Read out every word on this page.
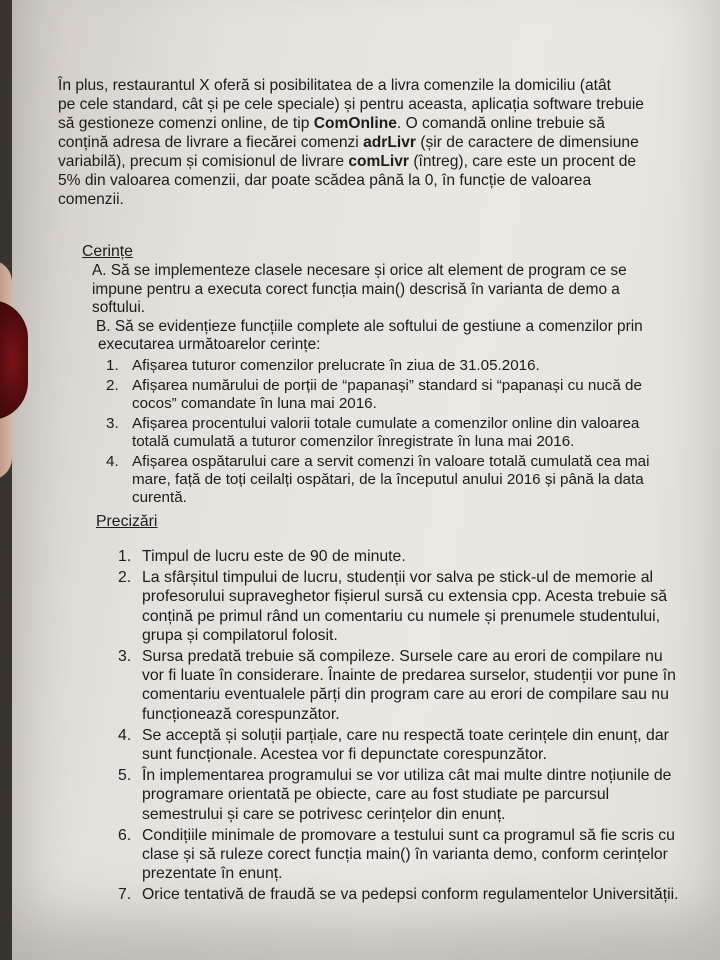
În plus, restaurantul X oferă si posibilitatea de a livra comenzile la domiciliu (atât
pe cele standard, cât și pe cele speciale) și pentru aceasta, aplicația software trebuie
să gestioneze comenzi online, de tip ComOnline. O comandă online trebuie să
conțină adresa de livrare a fiecărei comenzi adrLivr (șir de caractere de dimensiune
variabilă), precum și comisionul de livrare comLivr (întreg), care este un procent de
5% din valoarea comenzii, dar poate scădea până la 0, în funcție de valoarea
comenzii.
Cerințe
A. Să se implementeze clasele necesare și orice alt element de program ce se
impune pentru a executa corect funcția main() descrisă în varianta de demo a
softului.
B. Să se evidențieze funcțiile complete ale softului de gestiune a comenzilor prin
executarea următoarelor cerințe:
1. Afișarea tuturor comenzilor prelucrate în ziua de 31.05.2016.
2. Afișarea numărului de porții de “papanași” standard si “papanași cu nucă de
cocos” comandate în luna mai 2016.
3. Afișarea procentului valorii totale cumulate a comenzilor online din valoarea
totală cumulată a tuturor comenzilor înregistrate în luna mai 2016.
4. Afișarea ospătarului care a servit comenzi în valoare totală cumulată cea mai
mare, față de toți ceilalți ospătari, de la începutul anului 2016 și până la data
curentă.
Precizări
1. Timpul de lucru este de 90 de minute.
2. La sfârșitul timpului de lucru, studenții vor salva pe stick-ul de memorie al
profesorului supraveghetor fișierul sursă cu extensia cpp. Acesta trebuie să
conțină pe primul rând un comentariu cu numele și prenumele studentului,
grupa și compilatorul folosit.
3. Sursa predată trebuie să compileze. Sursele care au erori de compilare nu
vor fi luate în considerare. Înainte de predarea surselor, studenții vor pune în
comentariu eventualele părți din program care au erori de compilare sau nu
funcționează corespunzător.
4. Se acceptă și soluții parțiale, care nu respectă toate cerințele din enunț, dar
sunt funcționale. Acestea vor fi depunctate corespunzător.
5. În implementarea programului se vor utiliza cât mai multe dintre noțiunile de
programare orientată pe obiecte, care au fost studiate pe parcursul
semestrului și care se potrivesc cerințelor din enunț.
6. Condițiile minimale de promovare a testului sunt ca programul să fie scris cu
clase și să ruleze corect funcția main() în varianta demo, conform cerințelor
prezentate în enunț.
7. Orice tentativă de fraudă se va pedepsi conform regulamentelor Universității.
